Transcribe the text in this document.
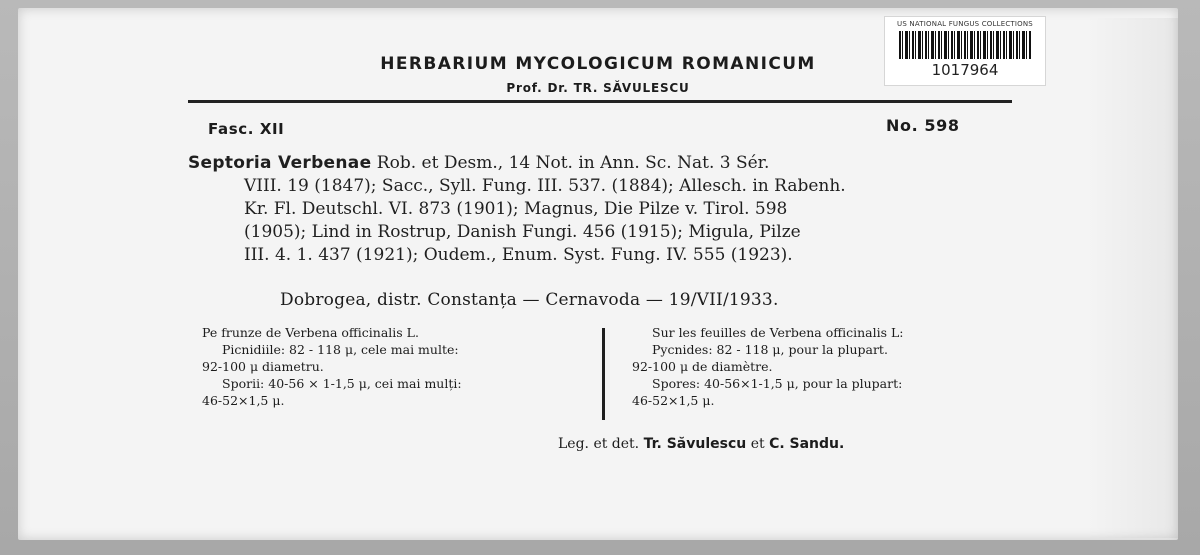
US NATIONAL FUNGUS COLLECTIONS
1017964
HERBARIUM MYCOLOGICUM ROMANICUM
Prof. Dr. TR. SĂVULESCU
Fasc. XII	No. 598
Septoria Verbenae Rob. et Desm., 14 Not. in Ann. Sc. Nat. 3 Sér.
VIII. 19 (1847); Sacc., Syll. Fung. III. 537. (1884); Allesch. in Rabenh.
Kr. Fl. Deutschl. VI. 873 (1901); Magnus, Die Pilze v. Tirol. 598
(1905); Lind in Rostrup, Danish Fungi. 456 (1915); Migula, Pilze
III. 4. 1. 437 (1921); Oudem., Enum. Syst. Fung. IV. 555 (1923).
Dobrogea, distr. Constanța — Cernavoda — 19/VII/1933.
Pe frunze de Verbena officinalis L.
Picnidiile: 82 - 118 μ, cele mai multe:
92-100 μ diametru.
Sporii: 40-56 × 1-1,5 μ, cei mai mulți:
46-52×1,5 μ.
Sur les feuilles de Verbena officinalis L:
Pycnides: 82 - 118 μ, pour la plupart.
92-100 μ de diamètre.
Spores: 40-56×1-1,5 μ, pour la plupart:
46-52×1,5 μ.
Leg. et det. Tr. Săvulescu et C. Sandu.
